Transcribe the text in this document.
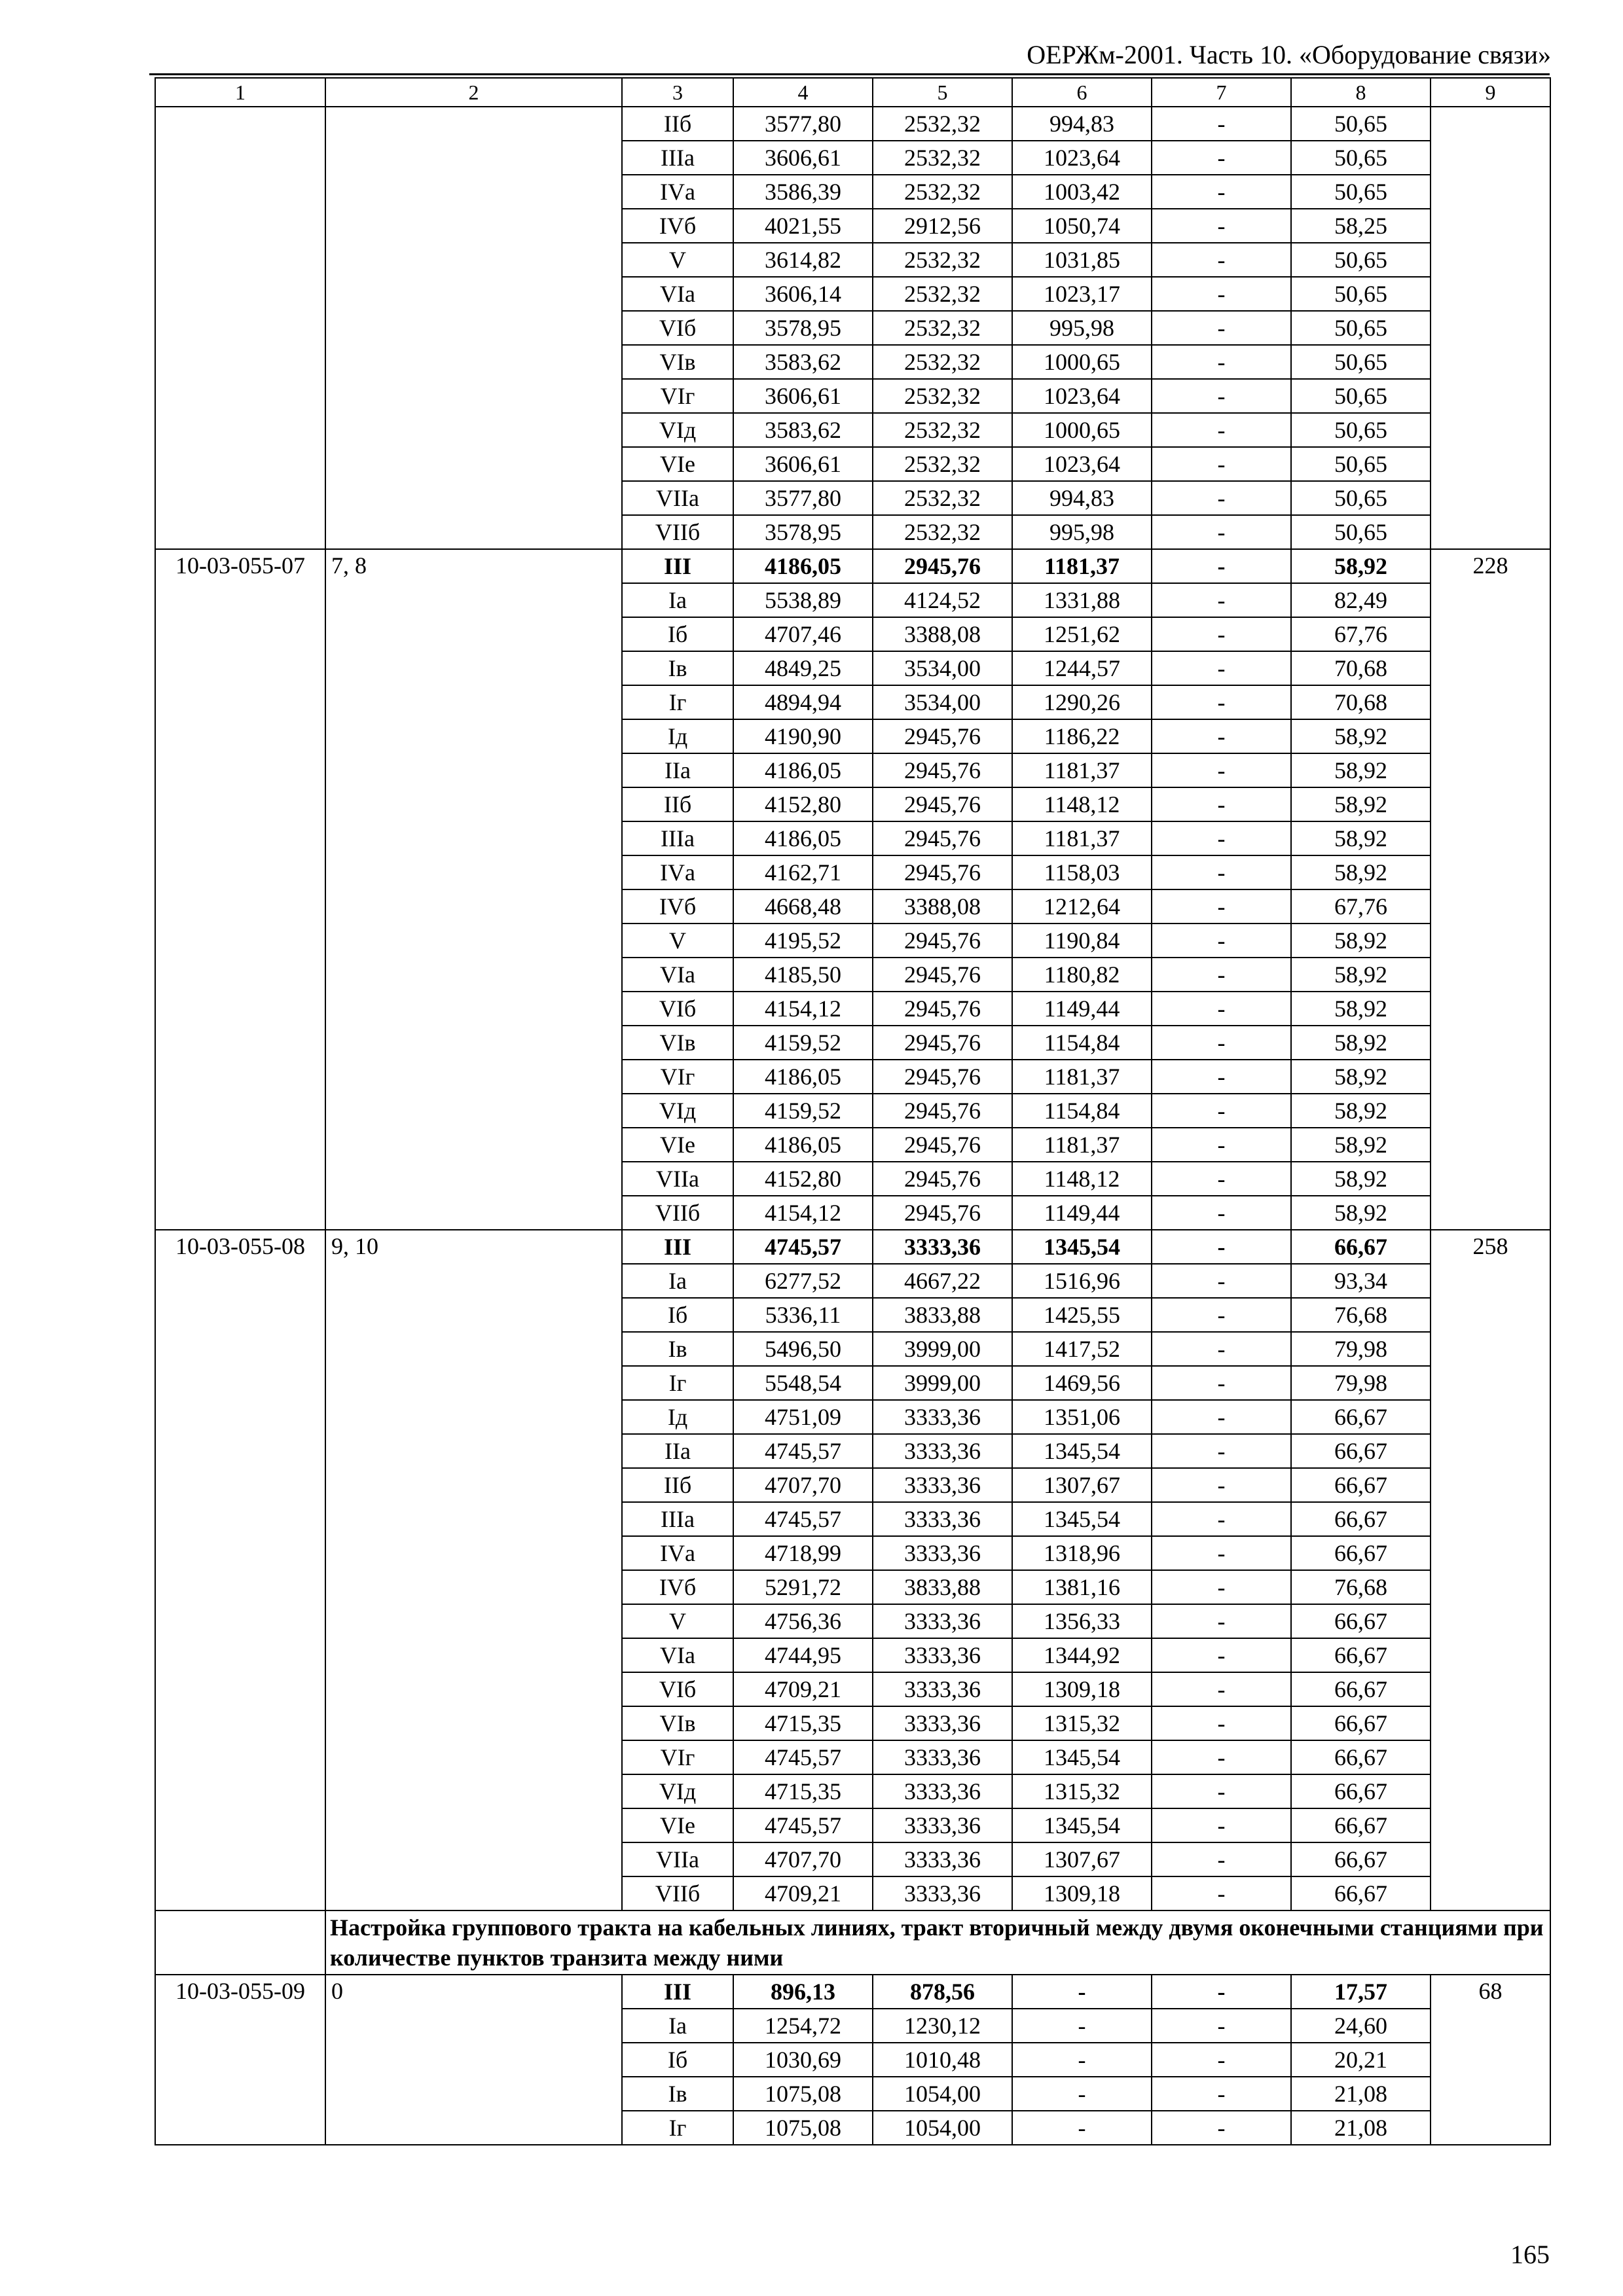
ОЕРЖм-2001. Часть 10. «Оборудование связи»
1	2	3	4	5	6	7	8	9
		IIб	3577,80	2532,32	994,83	-	50,65	
		IIIа	3606,61	2532,32	1023,64	-	50,65	
		IVа	3586,39	2532,32	1003,42	-	50,65	
		IVб	4021,55	2912,56	1050,74	-	58,25	
		V	3614,82	2532,32	1031,85	-	50,65	
		VIа	3606,14	2532,32	1023,17	-	50,65	
		VIб	3578,95	2532,32	995,98	-	50,65	
		VIв	3583,62	2532,32	1000,65	-	50,65	
		VIг	3606,61	2532,32	1023,64	-	50,65	
		VIд	3583,62	2532,32	1000,65	-	50,65	
		VIе	3606,61	2532,32	1023,64	-	50,65	
		VIIа	3577,80	2532,32	994,83	-	50,65	
		VIIб	3578,95	2532,32	995,98	-	50,65	
10-03-055-07	7, 8	III	4186,05	2945,76	1181,37	-	58,92	228
		Iа	5538,89	4124,52	1331,88	-	82,49	
		Iб	4707,46	3388,08	1251,62	-	67,76	
		Iв	4849,25	3534,00	1244,57	-	70,68	
		Iг	4894,94	3534,00	1290,26	-	70,68	
		Iд	4190,90	2945,76	1186,22	-	58,92	
		IIа	4186,05	2945,76	1181,37	-	58,92	
		IIб	4152,80	2945,76	1148,12	-	58,92	
		IIIа	4186,05	2945,76	1181,37	-	58,92	
		IVа	4162,71	2945,76	1158,03	-	58,92	
		IVб	4668,48	3388,08	1212,64	-	67,76	
		V	4195,52	2945,76	1190,84	-	58,92	
		VIа	4185,50	2945,76	1180,82	-	58,92	
		VIб	4154,12	2945,76	1149,44	-	58,92	
		VIв	4159,52	2945,76	1154,84	-	58,92	
		VIг	4186,05	2945,76	1181,37	-	58,92	
		VIд	4159,52	2945,76	1154,84	-	58,92	
		VIе	4186,05	2945,76	1181,37	-	58,92	
		VIIа	4152,80	2945,76	1148,12	-	58,92	
		VIIб	4154,12	2945,76	1149,44	-	58,92	
10-03-055-08	9, 10	III	4745,57	3333,36	1345,54	-	66,67	258
		Iа	6277,52	4667,22	1516,96	-	93,34	
		Iб	5336,11	3833,88	1425,55	-	76,68	
		Iв	5496,50	3999,00	1417,52	-	79,98	
		Iг	5548,54	3999,00	1469,56	-	79,98	
		Iд	4751,09	3333,36	1351,06	-	66,67	
		IIа	4745,57	3333,36	1345,54	-	66,67	
		IIб	4707,70	3333,36	1307,67	-	66,67	
		IIIа	4745,57	3333,36	1345,54	-	66,67	
		IVа	4718,99	3333,36	1318,96	-	66,67	
		IVб	5291,72	3833,88	1381,16	-	76,68	
		V	4756,36	3333,36	1356,33	-	66,67	
		VIа	4744,95	3333,36	1344,92	-	66,67	
		VIб	4709,21	3333,36	1309,18	-	66,67	
		VIв	4715,35	3333,36	1315,32	-	66,67	
		VIг	4745,57	3333,36	1345,54	-	66,67	
		VIд	4715,35	3333,36	1315,32	-	66,67	
		VIе	4745,57	3333,36	1345,54	-	66,67	
		VIIа	4707,70	3333,36	1307,67	-	66,67	
		VIIб	4709,21	3333,36	1309,18	-	66,67	
	Настройка группового тракта на кабельных линиях, тракт вторичный между двумя оконечными станциями при количестве пунктов транзита между ними							
10-03-055-09	0	III	896,13	878,56	-	-	17,57	68
		Iа	1254,72	1230,12	-	-	24,60	
		Iб	1030,69	1010,48	-	-	20,21	
		Iв	1075,08	1054,00	-	-	21,08	
		Iг	1075,08	1054,00	-	-	21,08	
165
